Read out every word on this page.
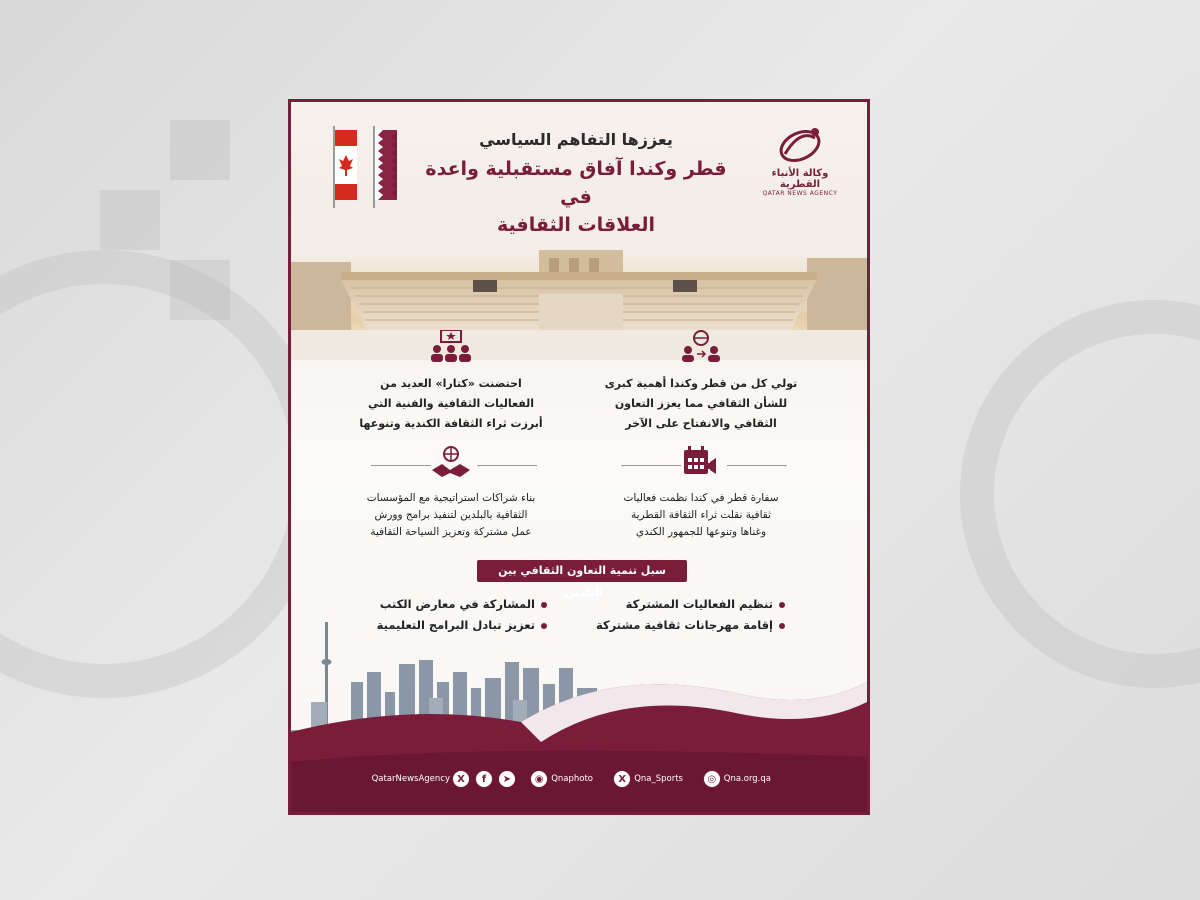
وكالة الأنباء القطرية
QATAR NEWS AGENCY
يعززها التفاهم السياسي
قطر وكندا آفاق مستقبلية واعدة في
العلاقات الثقافية
تولي كل من قطر وكندا أهمية كبرى
للشأن الثقافي مما يعزز التعاون
الثقافي والانفتاح على الآخر
احتضنت «كتارا» العديد من
الفعاليات الثقافية والفنية التي
أبرزت ثراء الثقافة الكندية وتنوعها
سفارة قطر في كندا نظمت فعاليات
ثقافية نقلت ثراء الثقافة القطرية
وغناها وتنوعها للجمهور الكندي
بناء شراكات استراتيجية مع المؤسسات
الثقافية بالبلدين لتنفيذ برامج وورش
عمل مشتركة وتعزيز السياحة الثقافية
سبل تنمية التعاون الثقافي بين البلدين:
تنظيم الفعاليات المشتركة
إقامة مهرجانات ثقافية مشتركة
المشاركة في معارض الكتب
تعزيز تبادل البرامج التعليمية
◎ Qna.org.qa
X Qna_Sports
◉ Qnaphoto
QatarNewsAgency X	f	➤
